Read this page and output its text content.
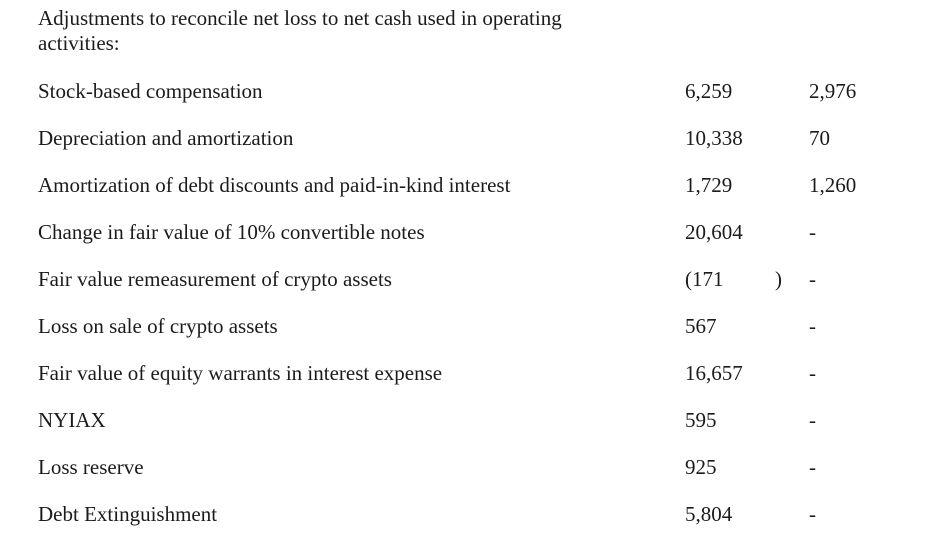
Adjustments to reconcile net loss to net cash used in operating activities:
Stock-based compensation	6,259	2,976
Depreciation and amortization	10,338	70
Amortization of debt discounts and paid-in-kind interest	1,729	1,260
Change in fair value of 10% convertible notes	20,604	-
Fair value remeasurement of crypto assets	(171	)	-
Loss on sale of crypto assets	567	-
Fair value of equity warrants in interest expense	16,657	-
NYIAX	595	-
Loss reserve	925	-
Debt Extinguishment	5,804	-
